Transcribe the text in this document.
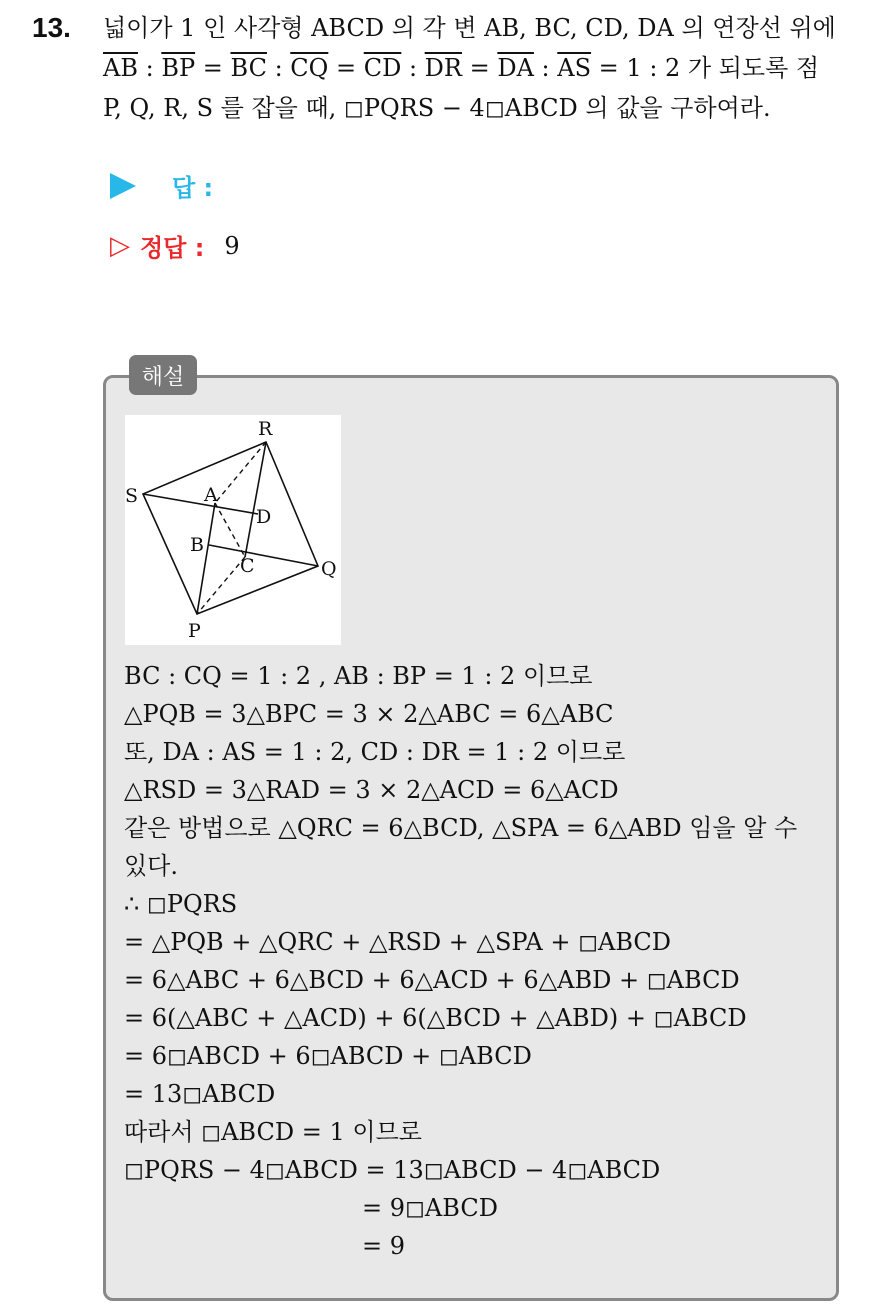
13. 넓이가 1 인 사각형 ABCD 의 각 변 AB, BC, CD, DA 의 연장선 위에
$\overline{AB}$ : $\overline{BP} = \overline{BC}$ : $\overline{CQ} = \overline{CD}$ : $\overline{DR} = \overline{DA}$ : $\overline{AS} = 1$ : 2 가 되도록 점
P, Q, R, S 를 잡을 때, ◻PQRS − 4◻ABCD 의 값을 구하여라.
답 :
▷ 정답 : 9
해설
R
S	A
D
B
C	Q
P
BC : CQ = 1 : 2 , AB : BP = 1 : 2 이므로
△PQB = 3△BPC = 3 × 2△ABC = 6△ABC
또, DA : AS = 1 : 2, CD : DR = 1 : 2 이므로
△RSD = 3△RAD = 3 × 2△ACD = 6△ACD
같은 방법으로 △QRC = 6△BCD, △SPA = 6△ABD 임을 알 수
있다.
∴ ◻PQRS
= △PQB + △QRC + △RSD + △SPA + ◻ABCD
= 6△ABC + 6△BCD + 6△ACD + 6△ABD + ◻ABCD
= 6(△ABC + △ACD) + 6(△BCD + △ABD) + ◻ABCD
= 6◻ABCD + 6◻ABCD + ◻ABCD
= 13◻ABCD
따라서 ◻ABCD = 1 이므로
◻PQRS − 4◻ABCD = 13◻ABCD − 4◻ABCD
= 9◻ABCD
= 9
